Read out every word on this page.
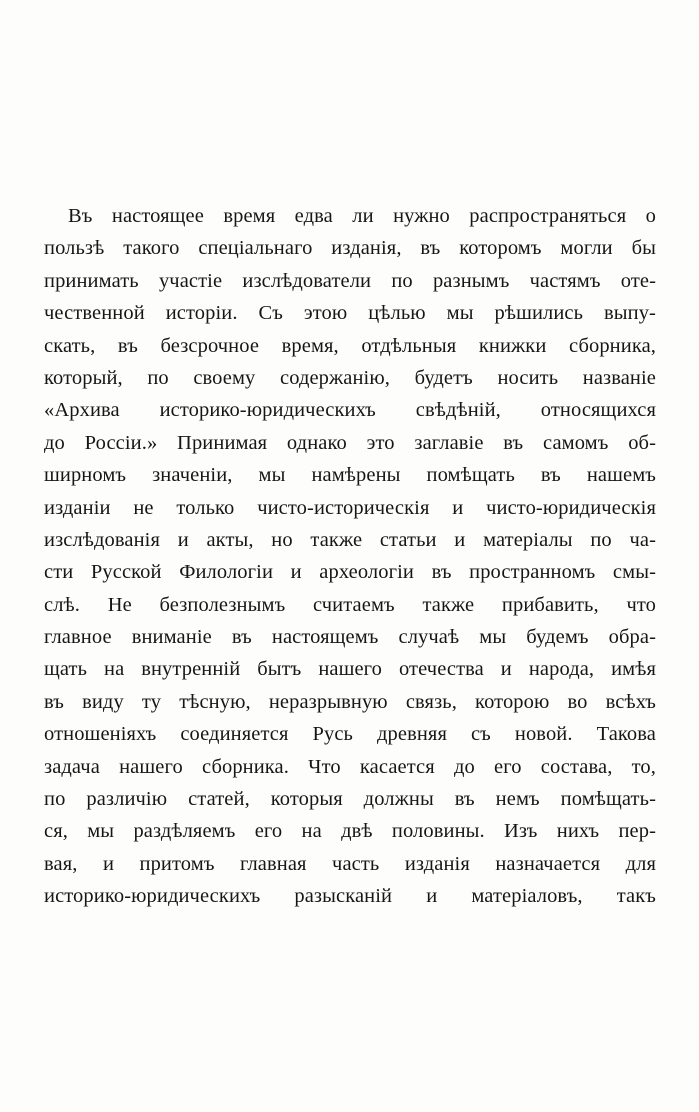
Въ настоящее время едва ли нужно распространяться о
пользѣ такого спеціальнаго изданія, въ которомъ могли бы
принимать участіе изслѣдователи по разнымъ частямъ оте-
чественной исторіи. Съ этою цѣлью мы рѣшились выпу-
скать, въ безсрочное время, отдѣльныя книжки сборника,
который, по своему содержанію, будетъ носить названіе
«Архива историко-юридическихъ свѣдѣній, относящихся
до Россіи.» Принимая однако это заглавіе въ самомъ об-
ширномъ значеніи, мы намѣрены помѣщать въ нашемъ
изданіи не только чисто-историческія и чисто-юридическія
изслѣдованія и акты, но также статьи и матеріалы по ча-
сти Русской Филологіи и археологіи въ пространномъ смы-
слѣ. Не безполезнымъ считаемъ также прибавить, что
главное вниманіе въ настоящемъ случаѣ мы будемъ обра-
щать на внутренній бытъ нашего отечества и народа, имѣя
въ виду ту тѣсную, неразрывную связь, которою во всѣхъ
отношеніяхъ соединяется Русь древняя съ новой. Такова
задача нашего сборника. Что касается до его состава, то,
по различію статей, которыя должны въ немъ помѣщать-
ся, мы раздѣляемъ его на двѣ половины. Изъ нихъ пер-
вая, и притомъ главная часть изданія назначается для
историко-юридическихъ разысканій и матеріаловъ, такъ
